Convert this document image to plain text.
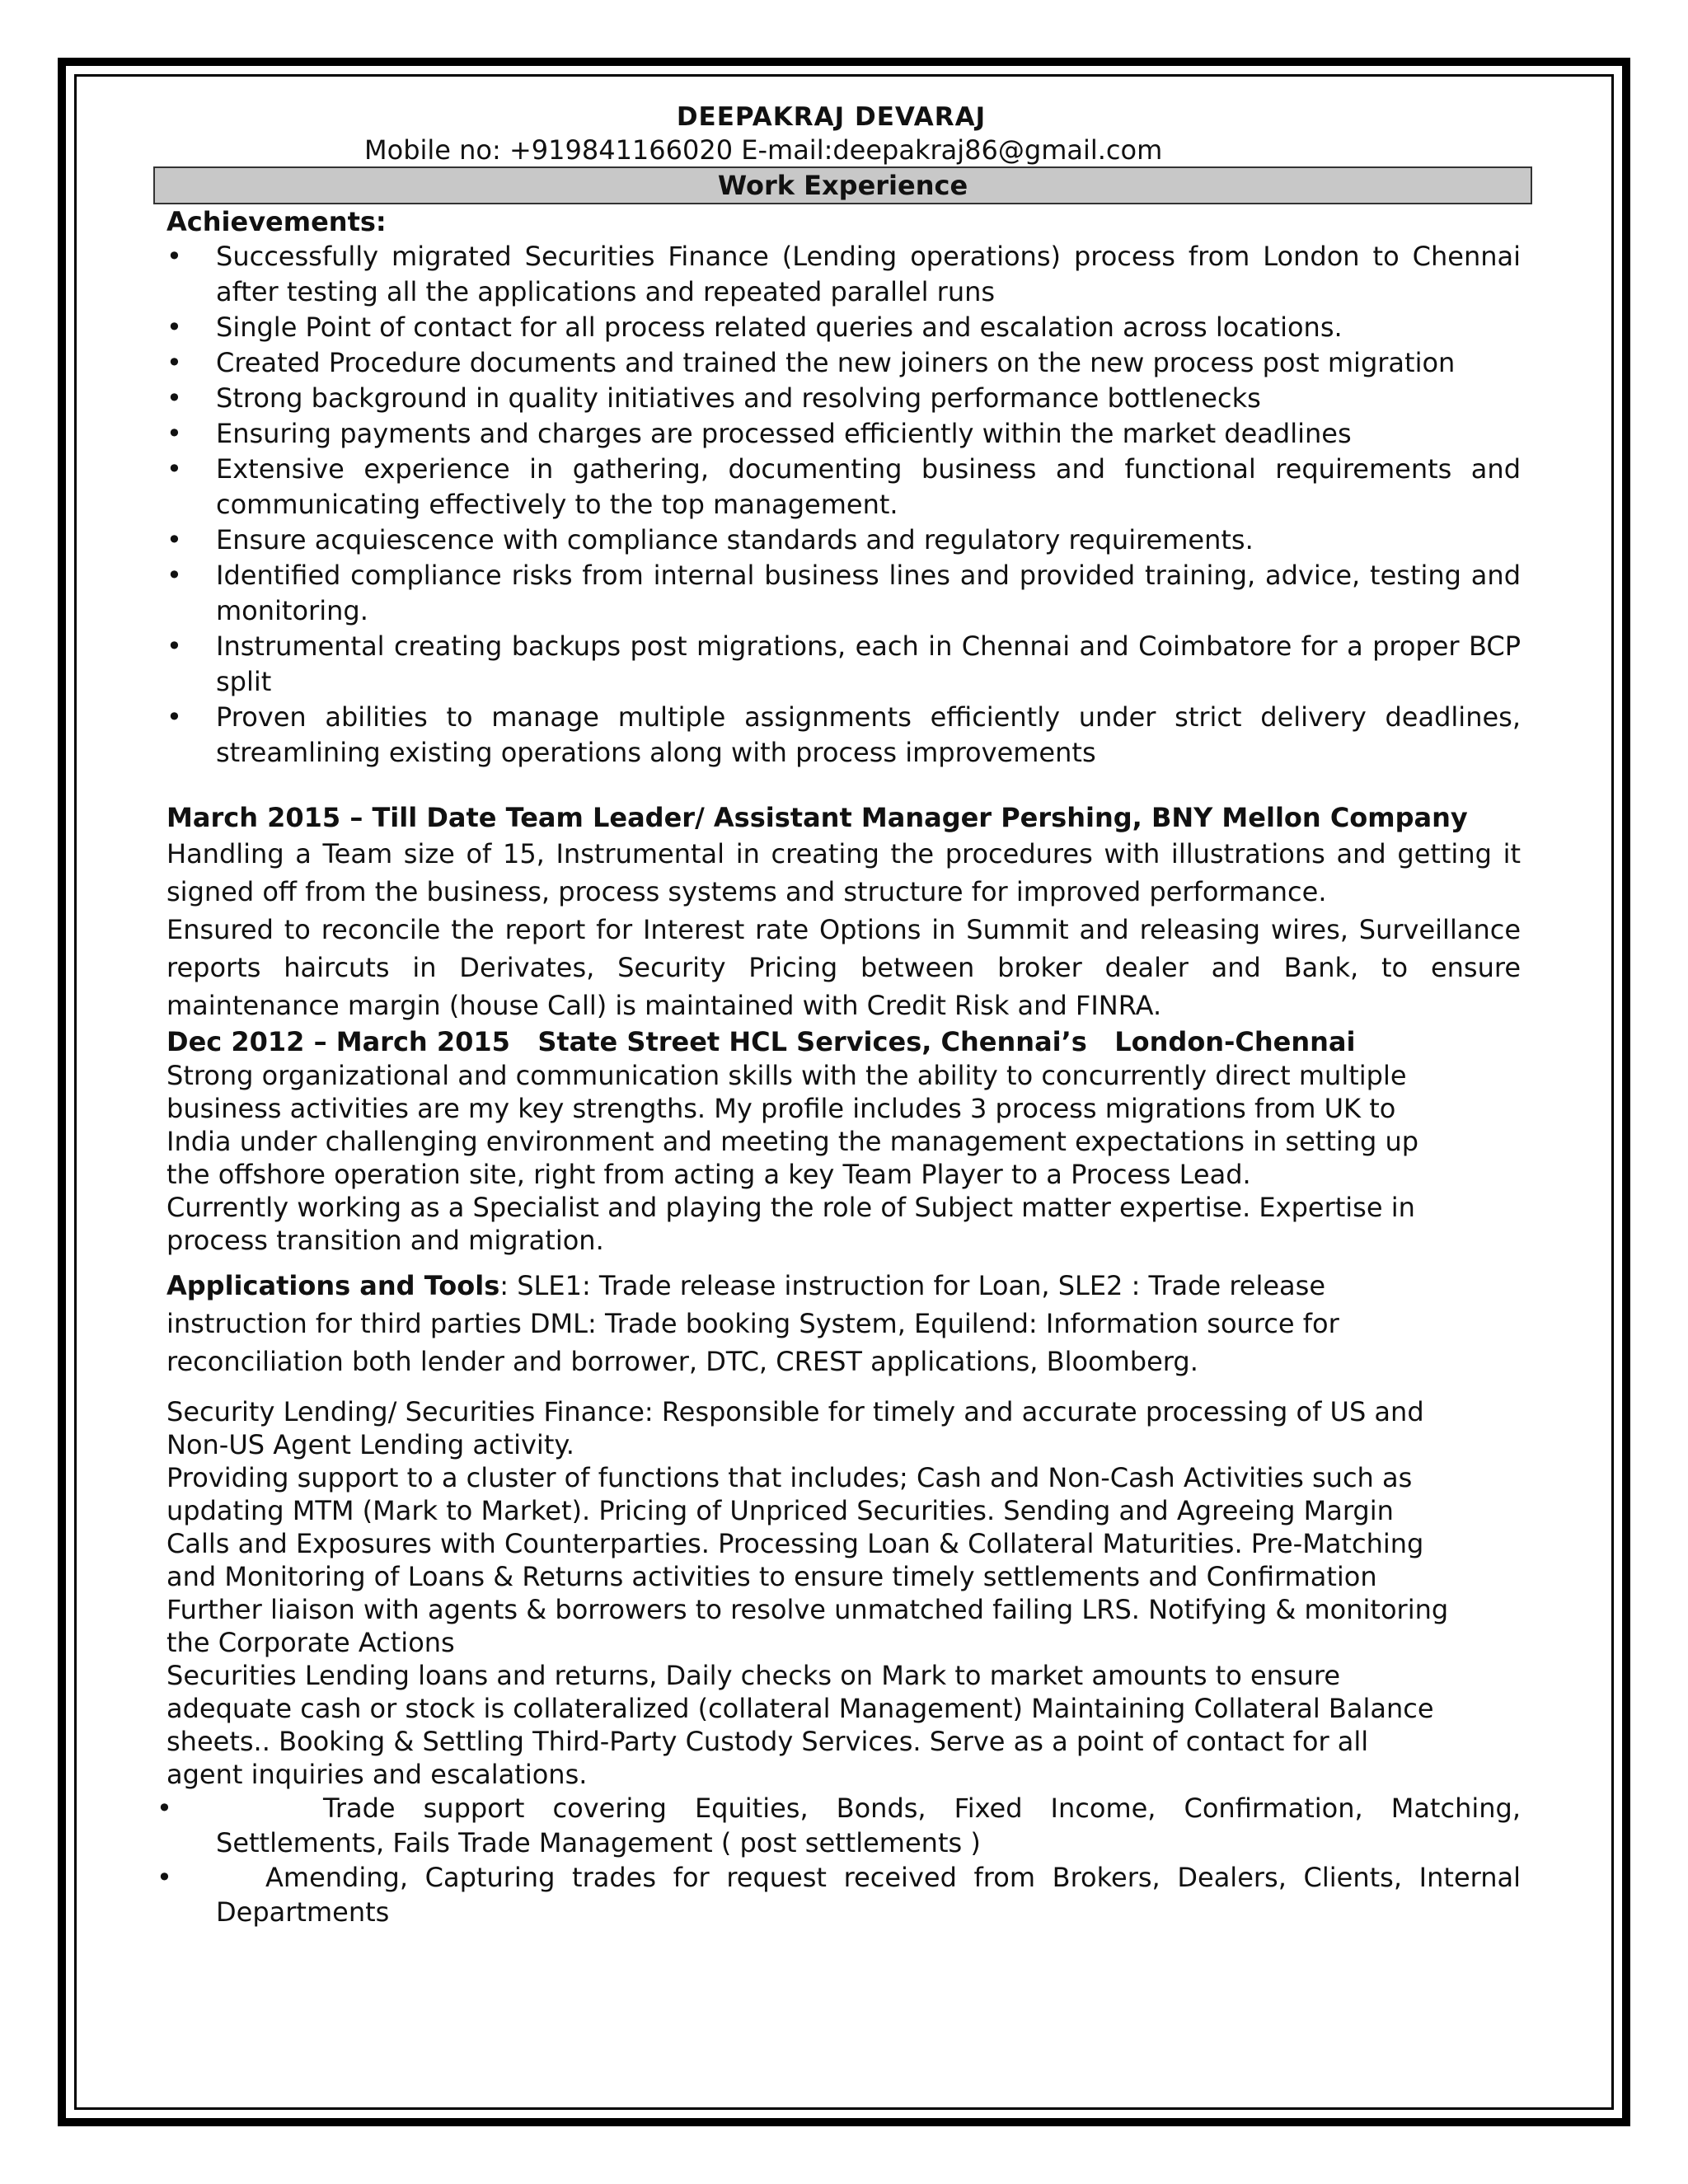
DEEPAKRAJ DEVARAJ
Mobile no: +919841166020 E-mail:deepakraj86@gmail.com
Work Experience
Achievements:
• Successfully migrated Securities Finance (Lending operations) process from London to Chennai after testing all the applications and repeated parallel runs
• Single Point of contact for all process related queries and escalation across locations.
• Created Procedure documents and trained the new joiners on the new process post migration
• Strong background in quality initiatives and resolving performance bottlenecks
• Ensuring payments and charges are processed efficiently within the market deadlines
• Extensive experience in gathering, documenting business and functional requirements and communicating effectively to the top management.
• Ensure acquiescence with compliance standards and regulatory requirements.
• Identified compliance risks from internal business lines and provided training, advice, testing and monitoring.
• Instrumental creating backups post migrations, each in Chennai and Coimbatore for a proper BCP split
• Proven abilities to manage multiple assignments efficiently under strict delivery deadlines, streamlining existing operations along with process improvements
March 2015 – Till Date Team Leader/ Assistant Manager Pershing, BNY Mellon Company
Handling a Team size of 15, Instrumental in creating the procedures with illustrations and getting it signed off from the business, process systems and structure for improved performance.
Ensured to reconcile the report for Interest rate Options in Summit and releasing wires, Surveillance reports haircuts in Derivates, Security Pricing between broker dealer and Bank, to ensure maintenance margin (house Call) is maintained with Credit Risk and FINRA.
Dec 2012 – March 2015   State Street HCL Services, Chennai’s   London-Chennai
Strong organizational and communication skills with the ability to concurrently direct multiple
business activities are my key strengths. My profile includes 3 process migrations from UK to
India under challenging environment and meeting the management expectations in setting up
the offshore operation site, right from acting a key Team Player to a Process Lead.
Currently working as a Specialist and playing the role of Subject matter expertise. Expertise in
process transition and migration.
Applications and Tools: SLE1: Trade release instruction for Loan, SLE2 : Trade release
instruction for third parties DML: Trade booking System, Equilend: Information source for
reconciliation both lender and borrower, DTC, CREST applications, Bloomberg.
Security Lending/ Securities Finance: Responsible for timely and accurate processing of US and
Non-US Agent Lending activity.
Providing support to a cluster of functions that includes; Cash and Non-Cash Activities such as
updating MTM (Mark to Market). Pricing of Unpriced Securities. Sending and Agreeing Margin
Calls and Exposures with Counterparties. Processing Loan & Collateral Maturities. Pre-Matching
and Monitoring of Loans & Returns activities to ensure timely settlements and Confirmation
Further liaison with agents & borrowers to resolve unmatched failing LRS. Notifying & monitoring
the Corporate Actions
Securities Lending loans and returns, Daily checks on Mark to market amounts to ensure
adequate cash or stock is collateralized (collateral Management) Maintaining Collateral Balance
sheets.. Booking & Settling Third-Party Custody Services. Serve as a point of contact for all
agent inquiries and escalations.
•	Trade support covering Equities, Bonds, Fixed Income, Confirmation, Matching, Settlements, Fails Trade Management ( post settlements )
•	Amending, Capturing trades for request received from Brokers, Dealers, Clients, Internal Departments
